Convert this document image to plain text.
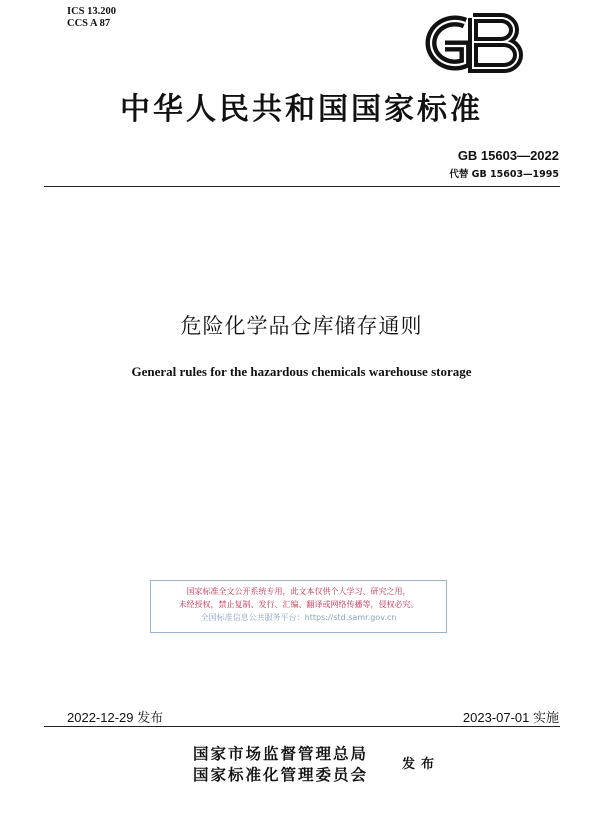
ICS 13.200
CCS A 87
中华人民共和国国家标准
GB 15603—2022
代替 GB 15603—1995
危险化学品仓库储存通则
General rules for the hazardous chemicals warehouse storage
国家标准全文公开系统专用，此文本仅供个人学习、研究之用，
未经授权，禁止复制、发行、汇编、翻译或网络传播等，侵权必究。
全国标准信息公共服务平台：https://std.samr.gov.cn
2022-12-29 发布	2023-07-01 实施
国家市场监督管理总局
国家标准化管理委员会
发布
